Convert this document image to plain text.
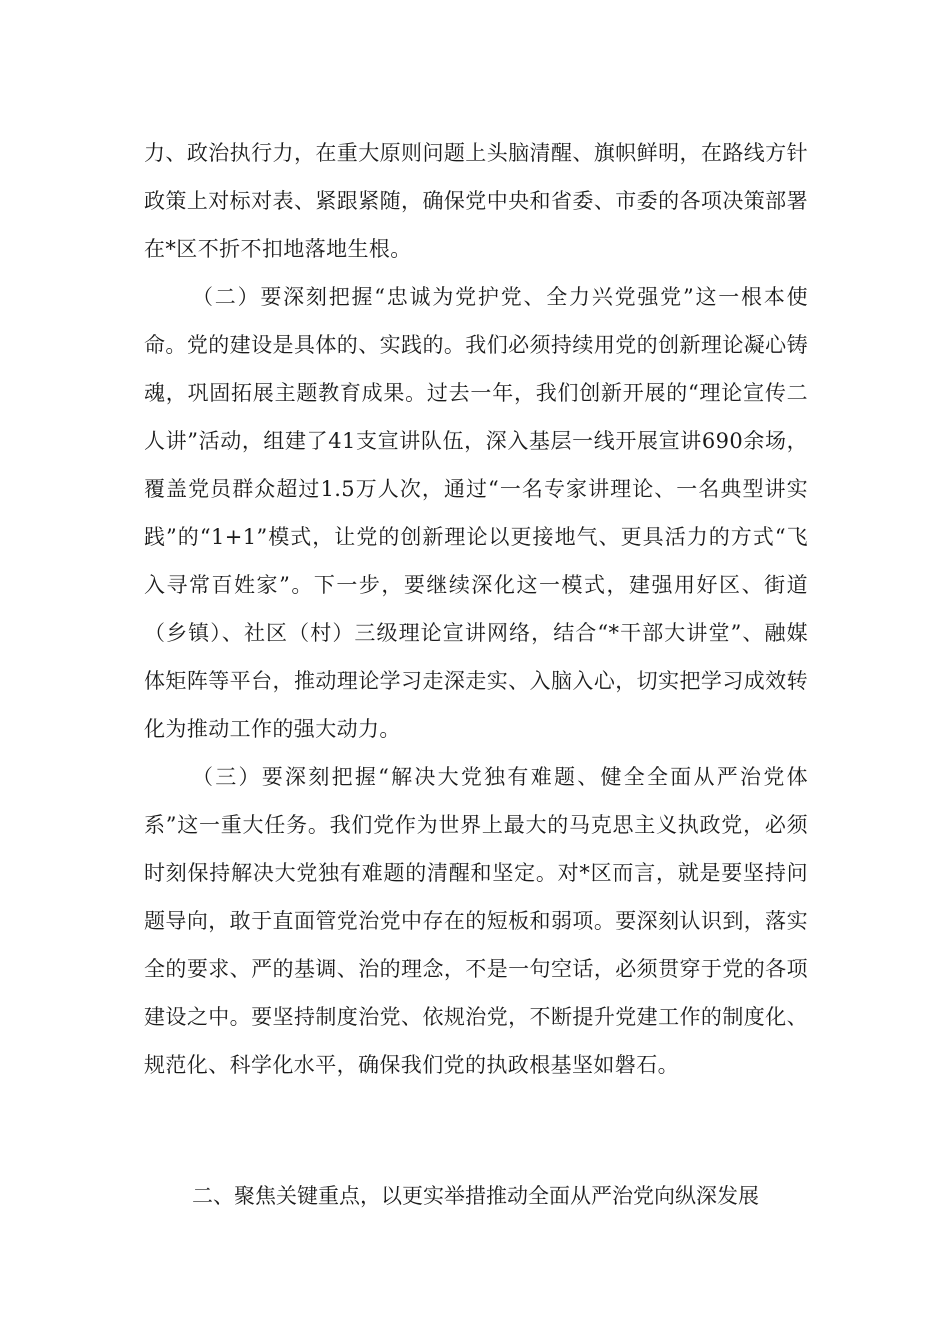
力、政治执行力，在重大原则问题上头脑清醒、旗帜鲜明，在路线方针政策上对标对表、紧跟紧随，确保党中央和省委、市委的各项决策部署在*区不折不扣地落地生根。

（二）要深刻把握“忠诚为党护党、全力兴党强党”这一根本使命。党的建设是具体的、实践的。我们必须持续用党的创新理论凝心铸魂，巩固拓展主题教育成果。过去一年，我们创新开展的“理论宣传二人讲”活动，组建了41支宣讲队伍，深入基层一线开展宣讲690余场，覆盖党员群众超过1.5万人次，通过“一名专家讲理论、一名典型讲实践”的“1+1”模式，让党的创新理论以更接地气、更具活力的方式“飞入寻常百姓家”。下一步，要继续深化这一模式，建强用好区、街道（乡镇）、社区（村）三级理论宣讲网络，结合“*干部大讲堂”、融媒体矩阵等平台，推动理论学习走深走实、入脑入心，切实把学习成效转化为推动工作的强大动力。

（三）要深刻把握“解决大党独有难题、健全全面从严治党体系”这一重大任务。我们党作为世界上最大的马克思主义执政党，必须时刻保持解决大党独有难题的清醒和坚定。对*区而言，就是要坚持问题导向，敢于直面管党治党中存在的短板和弱项。要深刻认识到，落实全的要求、严的基调、治的理念，不是一句空话，必须贯穿于党的各项建设之中。要坚持制度治党、依规治党，不断提升党建工作的制度化、规范化、科学化水平，确保我们党的执政根基坚如磐石。

二、聚焦关键重点，以更实举措推动全面从严治党向纵深发展
